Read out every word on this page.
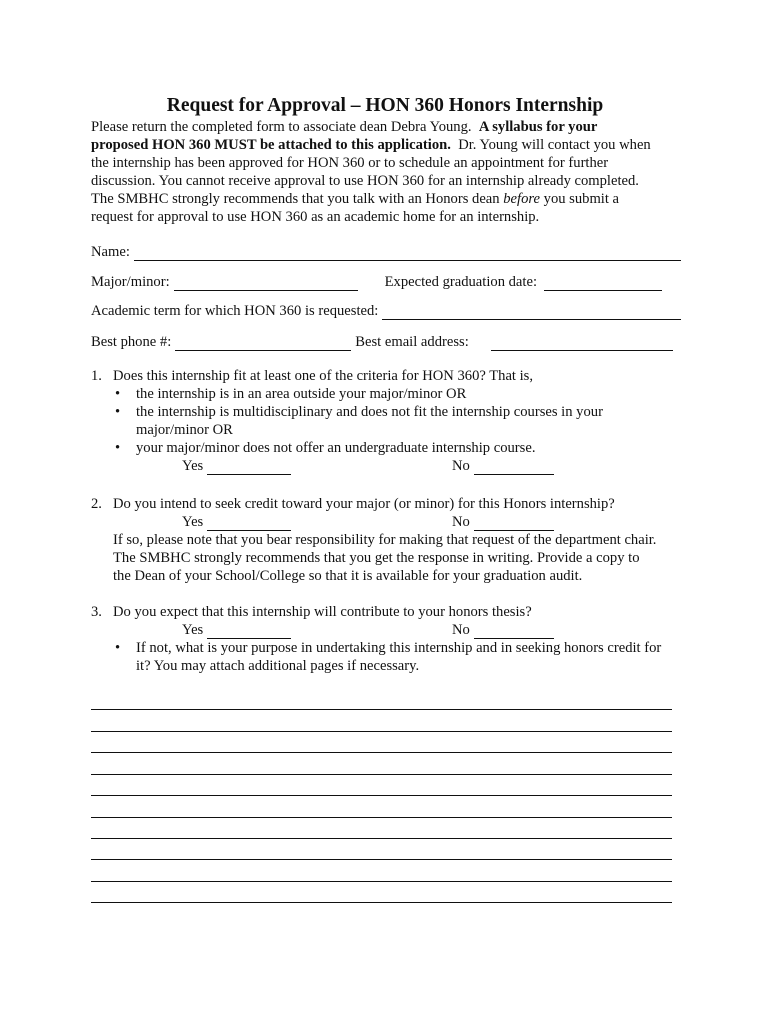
Request for Approval – HON 360 Honors Internship
Please return the completed form to associate dean Debra Young. A syllabus for your
proposed HON 360 MUST be attached to this application. Dr. Young will contact you when
the internship has been approved for HON 360 or to schedule an appointment for further
discussion. You cannot receive approval to use HON 360 for an internship already completed.
The SMBHC strongly recommends that you talk with an Honors dean before you submit a
request for approval to use HON 360 as an academic home for an internship.
Name:
Major/minor:	Expected graduation date:
Academic term for which HON 360 is requested:
Best phone #:	Best email address:
1. Does this internship fit at least one of the criteria for HON 360? That is,
• the internship is in an area outside your major/minor OR
• the internship is multidisciplinary and does not fit the internship courses in your
major/minor OR
• your major/minor does not offer an undergraduate internship course.
Yes	No
2. Do you intend to seek credit toward your major (or minor) for this Honors internship?
Yes	No
If so, please note that you bear responsibility for making that request of the department chair.
The SMBHC strongly recommends that you get the response in writing. Provide a copy to
the Dean of your School/College so that it is available for your graduation audit.
3. Do you expect that this internship will contribute to your honors thesis?
Yes	No
• If not, what is your purpose in undertaking this internship and in seeking honors credit for
it? You may attach additional pages if necessary.
